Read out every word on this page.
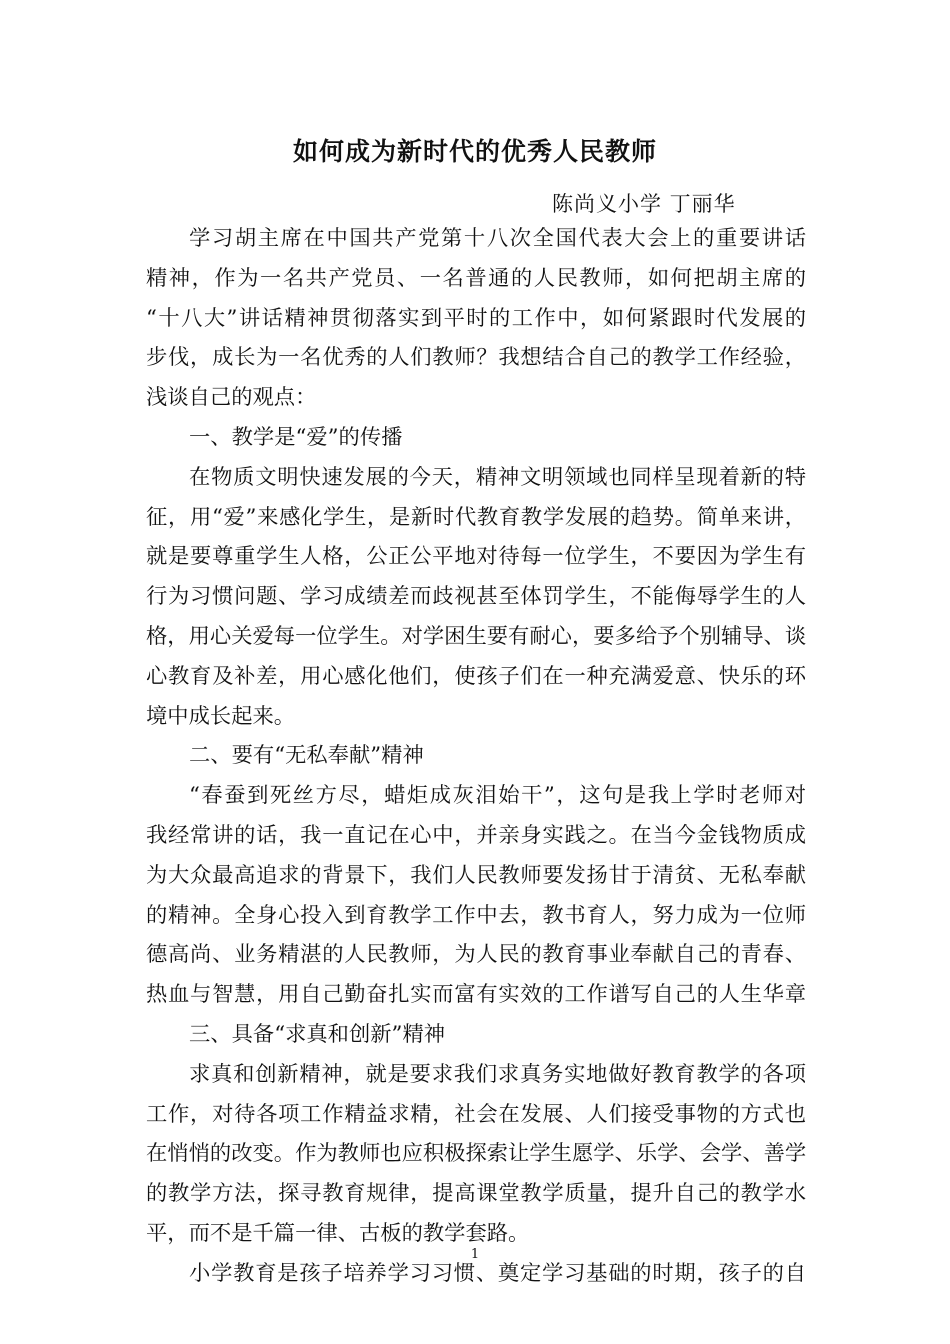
如何成为新时代的优秀人民教师
陈尚义小学 丁丽华
学习胡主席在中国共产党第十八次全国代表大会上的重要讲话
精神，作为一名共产党员、一名普通的人民教师，如何把胡主席的
“十八大”讲话精神贯彻落实到平时的工作中，如何紧跟时代发展的
步伐，成长为一名优秀的人们教师？我想结合自己的教学工作经验，
浅谈自己的观点：
一、教学是“爱”的传播
在物质文明快速发展的今天，精神文明领域也同样呈现着新的特
征，用“爱”来感化学生，是新时代教育教学发展的趋势。简单来讲，
就是要尊重学生人格，公正公平地对待每一位学生，不要因为学生有
行为习惯问题、学习成绩差而歧视甚至体罚学生，不能侮辱学生的人
格，用心关爱每一位学生。对学困生要有耐心，要多给予个别辅导、谈
心教育及补差，用心感化他们，使孩子们在一种充满爱意、快乐的环
境中成长起来。
二、要有“无私奉献”精神
“春蚕到死丝方尽，蜡炬成灰泪始干”，这句是我上学时老师对
我经常讲的话，我一直记在心中，并亲身实践之。在当今金钱物质成
为大众最高追求的背景下，我们人民教师要发扬甘于清贫、无私奉献
的精神。全身心投入到育教学工作中去，教书育人，努力成为一位师
德高尚、业务精湛的人民教师，为人民的教育事业奉献自己的青春、
热血与智慧，用自己勤奋扎实而富有实效的工作谱写自己的人生华章
三、具备“求真和创新”精神
求真和创新精神，就是要求我们求真务实地做好教育教学的各项
工作，对待各项工作精益求精，社会在发展、人们接受事物的方式也
在悄悄的改变。作为教师也应积极探索让学生愿学、乐学、会学、善学
的教学方法，探寻教育规律，提高课堂教学质量，提升自己的教学水
平，而不是千篇一律、古板的教学套路。
小学教育是孩子培养学习习惯、奠定学习基础的时期，孩子的自
1
